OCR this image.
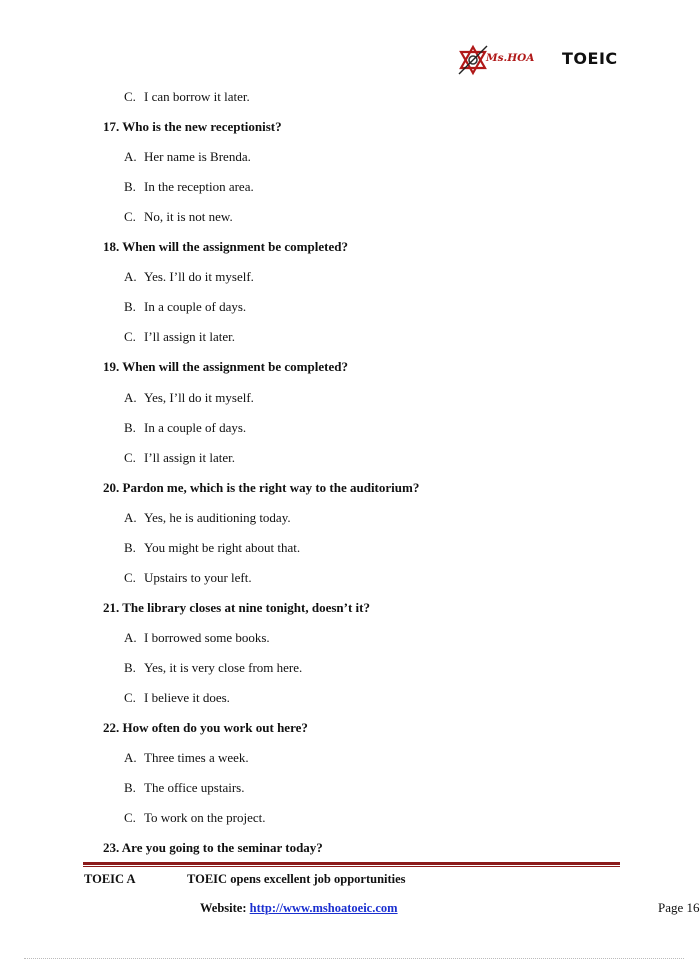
Ms.HOA TOEIC
C. I can borrow it later.
17. Who is the new receptionist?
A. Her name is Brenda.
B. In the reception area.
C. No, it is not new.
18. When will the assignment be completed?
A. Yes. I’ll do it myself.
B. In a couple of days.
C. I’ll assign it later.
19. When will the assignment be completed?
A. Yes, I’ll do it myself.
B. In a couple of days.
C. I’ll assign it later.
20. Pardon me, which is the right way to the auditorium?
A. Yes, he is auditioning today.
B. You might be right about that.
C. Upstairs to your left.
21. The library closes at nine tonight, doesn’t it?
A. I borrowed some books.
B. Yes, it is very close from here.
C. I believe it does.
22. How often do you work out here?
A. Three times a week.
B. The office upstairs.
C. To work on the project.
23. Are you going to the seminar today?
TOEIC A	TOEIC opens excellent job opportunities
Website: http://www.mshoatoeic.com	Page 16
